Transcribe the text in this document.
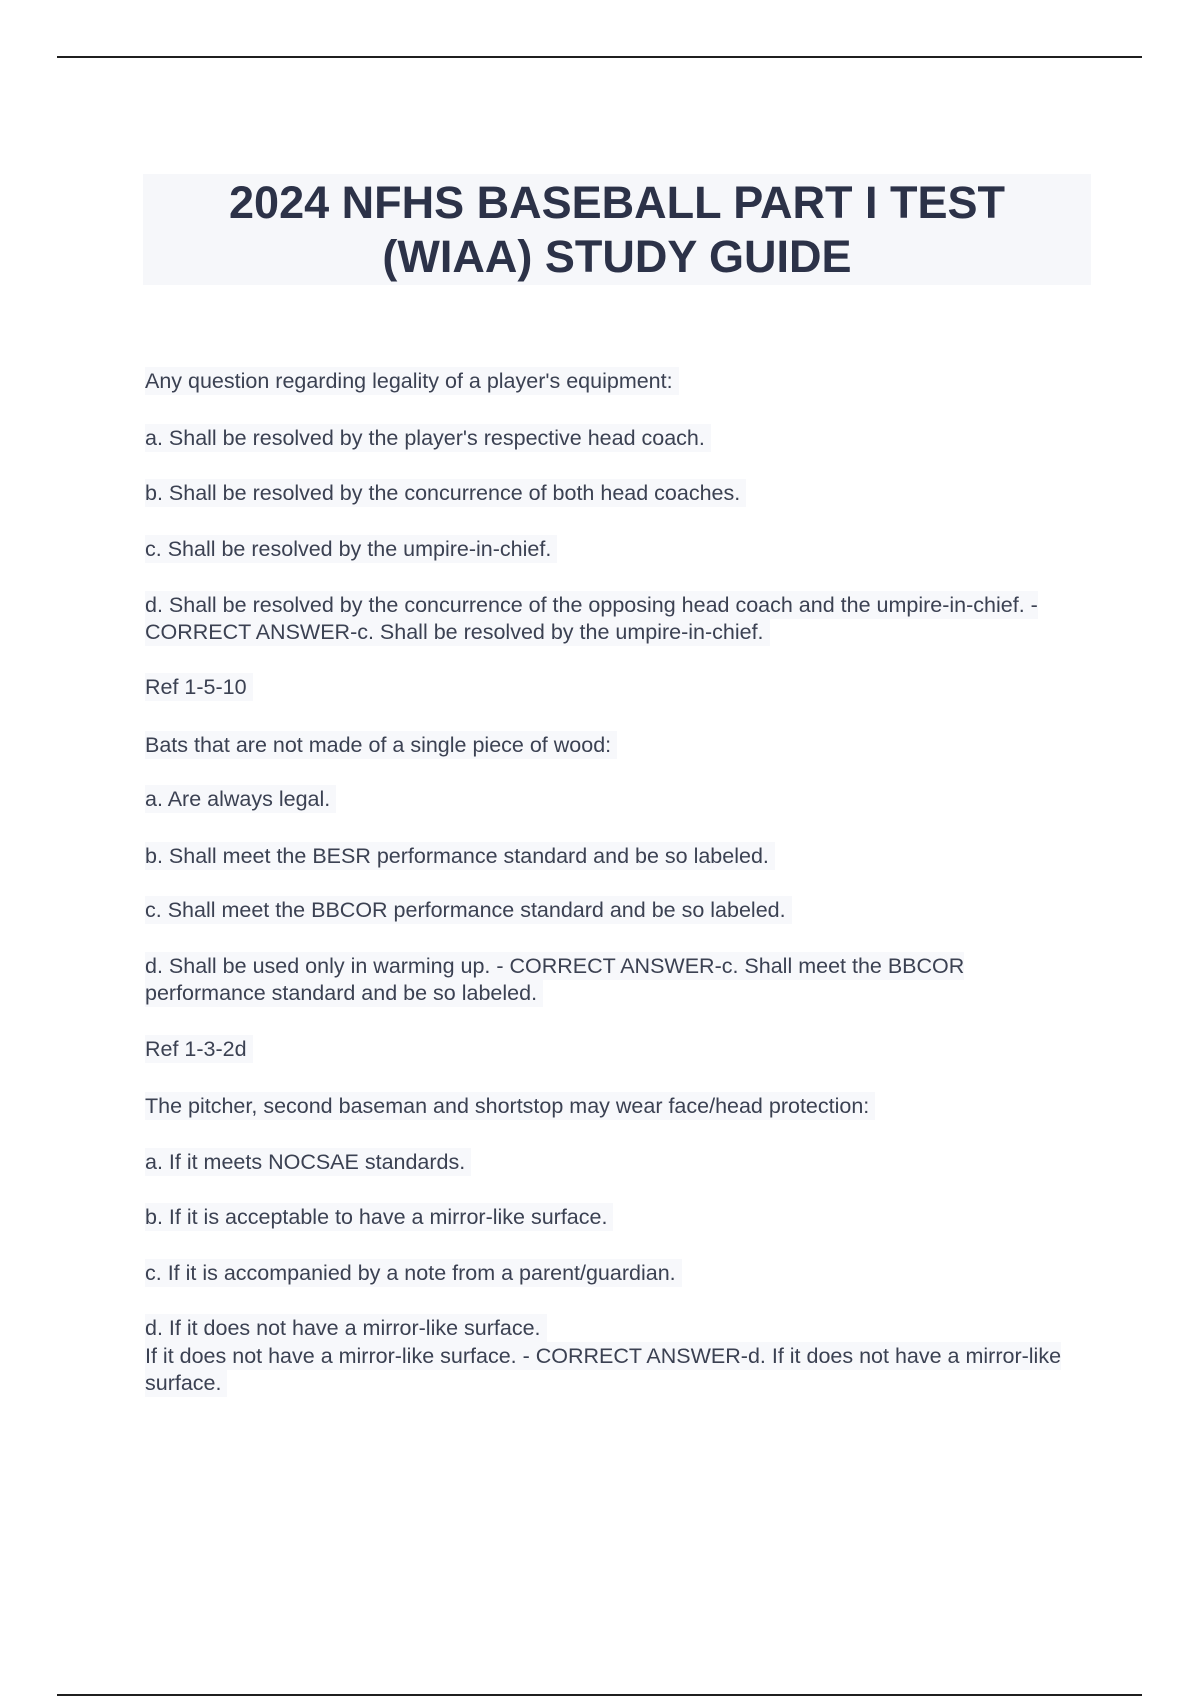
2024 NFHS BASEBALL PART I TEST (WIAA) STUDY GUIDE

Any question regarding legality of a player's equipment:

a. Shall be resolved by the player's respective head coach.

b. Shall be resolved by the concurrence of both head coaches.

c. Shall be resolved by the umpire-in-chief.

d. Shall be resolved by the concurrence of the opposing head coach and the umpire-in-chief. - CORRECT ANSWER-c. Shall be resolved by the umpire-in-chief.

Ref 1-5-10

Bats that are not made of a single piece of wood:

a. Are always legal.

b. Shall meet the BESR performance standard and be so labeled.

c. Shall meet the BBCOR performance standard and be so labeled.

d. Shall be used only in warming up. - CORRECT ANSWER-c. Shall meet the BBCOR performance standard and be so labeled.

Ref 1-3-2d

The pitcher, second baseman and shortstop may wear face/head protection:

a. If it meets NOCSAE standards.

b. If it is acceptable to have a mirror-like surface.

c. If it is accompanied by a note from a parent/guardian.

d. If it does not have a mirror-like surface.

If it does not have a mirror-like surface. - CORRECT ANSWER-d. If it does not have a mirror-like surface.
